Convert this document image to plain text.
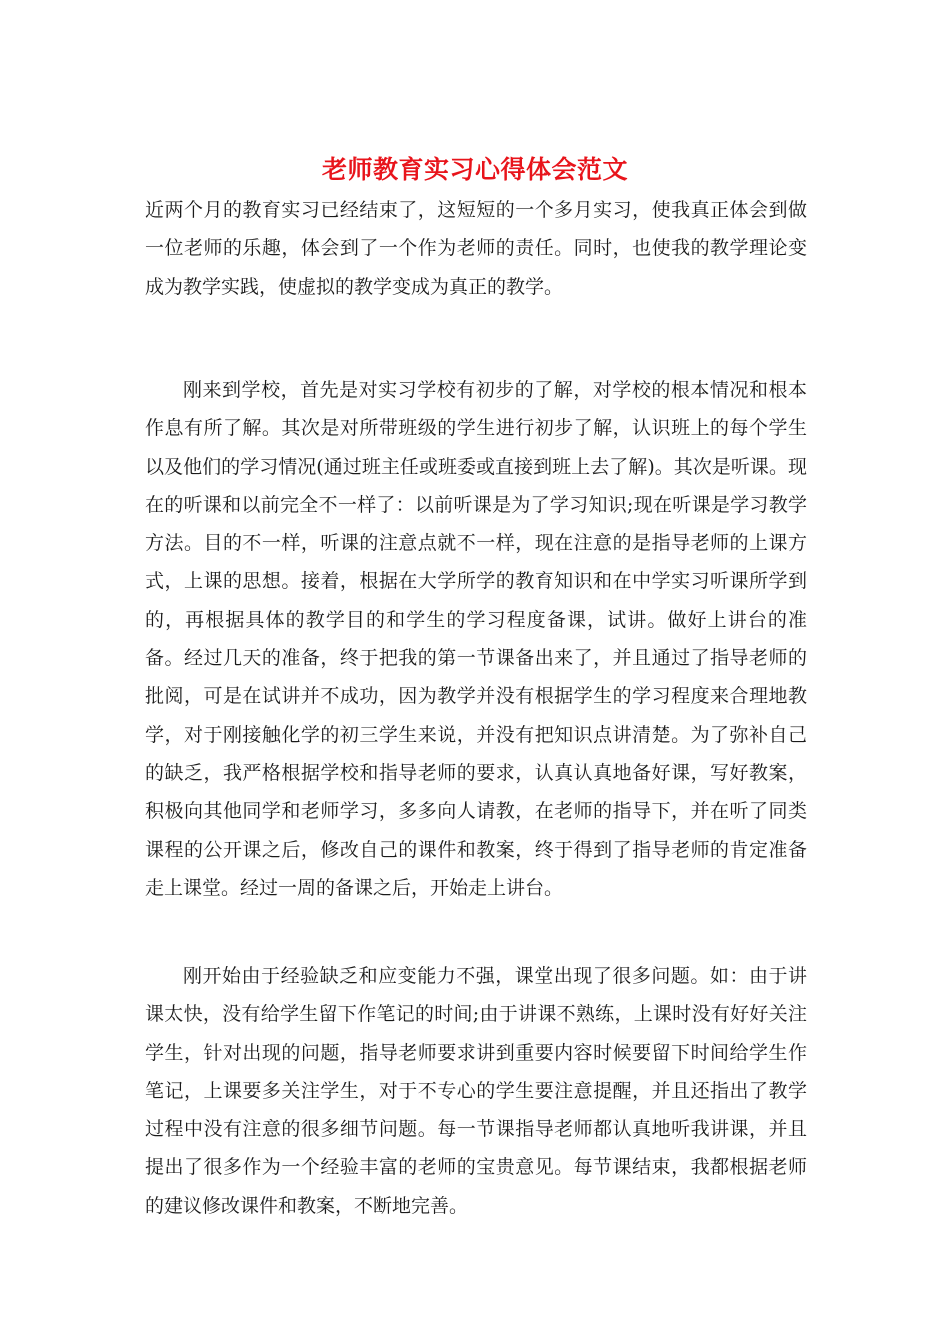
老师教育实习心得体会范文

近两个月的教育实习已经结束了，这短短的一个多月实习，使我真正体会到做一位老师的乐趣，体会到了一个作为老师的责任。同时，也使我的教学理论变成为教学实践，使虚拟的教学变成为真正的教学。

刚来到学校，首先是对实习学校有初步的了解，对学校的根本情况和根本作息有所了解。其次是对所带班级的学生进行初步了解，认识班上的每个学生以及他们的学习情况(通过班主任或班委或直接到班上去了解)。其次是听课。现在的听课和以前完全不一样了：以前听课是为了学习知识;现在听课是学习教学方法。目的不一样，听课的注意点就不一样，现在注意的是指导老师的上课方式，上课的思想。接着，根据在大学所学的教育知识和在中学实习听课所学到的，再根据具体的教学目的和学生的学习程度备课，试讲。做好上讲台的准备。经过几天的准备，终于把我的第一节课备出来了，并且通过了指导老师的批阅，可是在试讲并不成功，因为教学并没有根据学生的学习程度来合理地教学，对于刚接触化学的初三学生来说，并没有把知识点讲清楚。为了弥补自己的缺乏，我严格根据学校和指导老师的要求，认真认真地备好课，写好教案，积极向其他同学和老师学习，多多向人请教，在老师的指导下，并在听了同类课程的公开课之后，修改自己的课件和教案，终于得到了指导老师的肯定准备走上课堂。经过一周的备课之后，开始走上讲台。

刚开始由于经验缺乏和应变能力不强，课堂出现了很多问题。如：由于讲课太快，没有给学生留下作笔记的时间;由于讲课不熟练，上课时没有好好关注学生，针对出现的问题，指导老师要求讲到重要内容时候要留下时间给学生作笔记，上课要多关注学生，对于不专心的学生要注意提醒，并且还指出了教学过程中没有注意的很多细节问题。每一节课指导老师都认真地听我讲课，并且提出了很多作为一个经验丰富的老师的宝贵意见。每节课结束，我都根据老师的建议修改课件和教案，不断地完善。
